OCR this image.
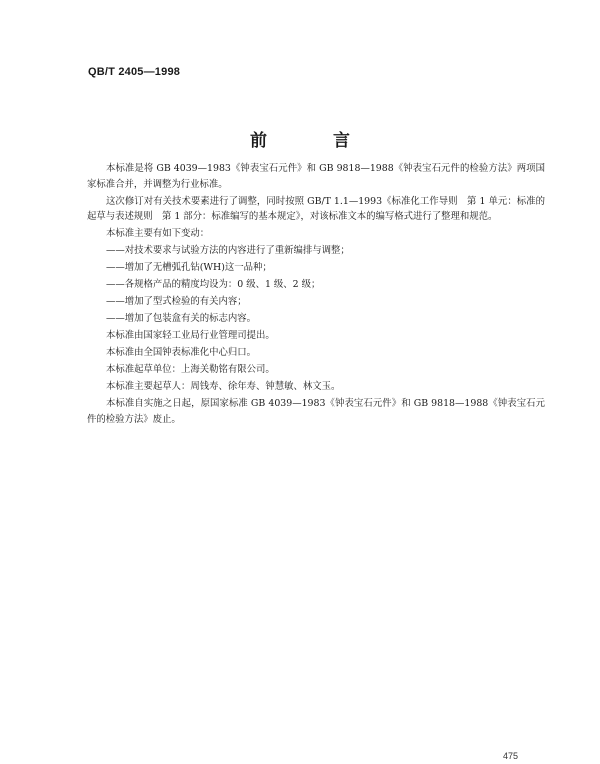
QB/T 2405—1998
前 言

本标准是将 GB 4039—1983《钟表宝石元件》和 GB 9818—1988《钟表宝石元件的检验方法》两项国家标准合并，并调整为行业标准。

这次修订对有关技术要素进行了调整，同时按照 GB/T 1.1—1993《标准化工作导则　第 1 单元：标准的起草与表述规则　第 1 部分：标准编写的基本规定》，对该标准文本的编写格式进行了整理和规范。

本标准主要有如下变动：

——对技术要求与试验方法的内容进行了重新编排与调整；

——增加了无槽弧孔钻(WH)这一品种；

——各规格产品的精度均设为：0 级、1 级、2 级；

——增加了型式检验的有关内容；

——增加了包装盒有关的标志内容。

本标准由国家轻工业局行业管理司提出。

本标准由全国钟表标准化中心归口。

本标准起草单位：上海关勒铭有限公司。

本标准主要起草人：周钱寿、徐年寿、钟慧敏、林文玉。

本标准自实施之日起，原国家标准 GB 4039—1983《钟表宝石元件》和 GB 9818—1988《钟表宝石元件的检验方法》废止。

475
